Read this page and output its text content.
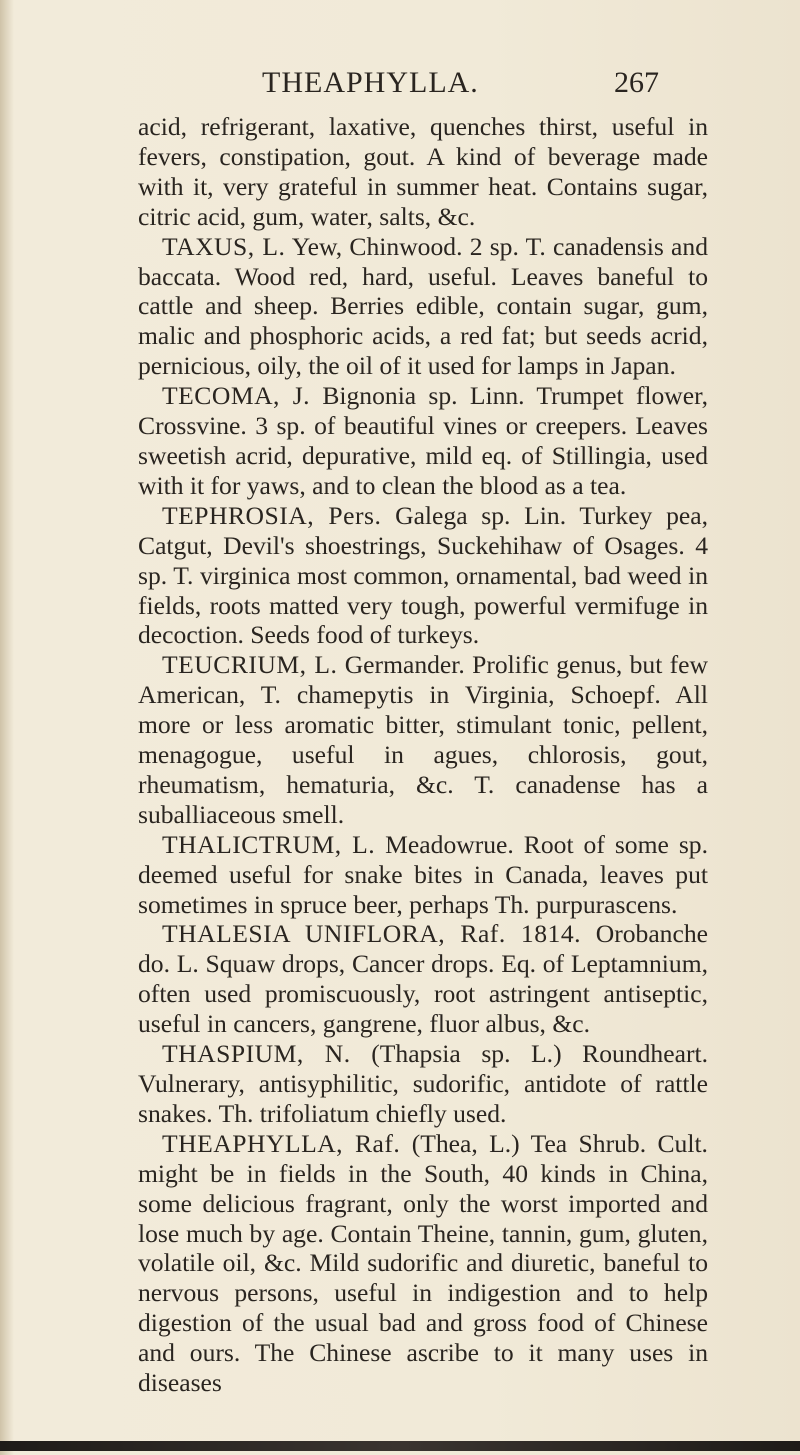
THEAPHYLLA.	267

acid, refrigerant, laxative, quenches thirst, useful in fevers, constipation, gout. A kind of beverage made with it, very grateful in summer heat. Contains sugar, citric acid, gum, water, salts, &c.

TAXUS, L. Yew, Chinwood. 2 sp. T. canadensis and baccata. Wood red, hard, useful. Leaves baneful to cattle and sheep. Berries edible, contain sugar, gum, malic and phosphoric acids, a red fat; but seeds acrid, pernicious, oily, the oil of it used for lamps in Japan.

TECOMA, J. Bignonia sp. Linn. Trumpet flower, Crossvine. 3 sp. of beautiful vines or creepers. Leaves sweetish acrid, depurative, mild eq. of Stillingia, used with it for yaws, and to clean the blood as a tea.

TEPHROSIA, Pers. Galega sp. Lin. Turkey pea, Catgut, Devil's shoestrings, Suckehihaw of Osages. 4 sp. T. virginica most common, ornamental, bad weed in fields, roots matted very tough, powerful vermifuge in decoction. Seeds food of turkeys.

TEUCRIUM, L. Germander. Prolific genus, but few American, T. chamepytis in Virginia, Schoepf. All more or less aromatic bitter, stimulant tonic, pellent, menagogue, useful in agues, chlorosis, gout, rheumatism, hematuria, &c. T. canadense has a suballiaceous smell.

THALICTRUM, L. Meadowrue. Root of some sp. deemed useful for snake bites in Canada, leaves put sometimes in spruce beer, perhaps Th. purpurascens.

THALESIA UNIFLORA, Raf. 1814. Orobanche do. L. Squaw drops, Cancer drops. Eq. of Leptamnium, often used promiscuously, root astringent antiseptic, useful in cancers, gangrene, fluor albus, &c.

THASPIUM, N. (Thapsia sp. L.) Roundheart. Vulnerary, antisyphilitic, sudorific, antidote of rattle snakes. Th. trifoliatum chiefly used.

THEAPHYLLA, Raf. (Thea, L.) Tea Shrub. Cult. might be in fields in the South, 40 kinds in China, some delicious fragrant, only the worst imported and lose much by age. Contain Theine, tannin, gum, gluten, volatile oil, &c. Mild sudorific and diuretic, baneful to nervous persons, useful in indigestion and to help digestion of the usual bad and gross food of Chinese and ours. The Chinese ascribe to it many uses in diseases
